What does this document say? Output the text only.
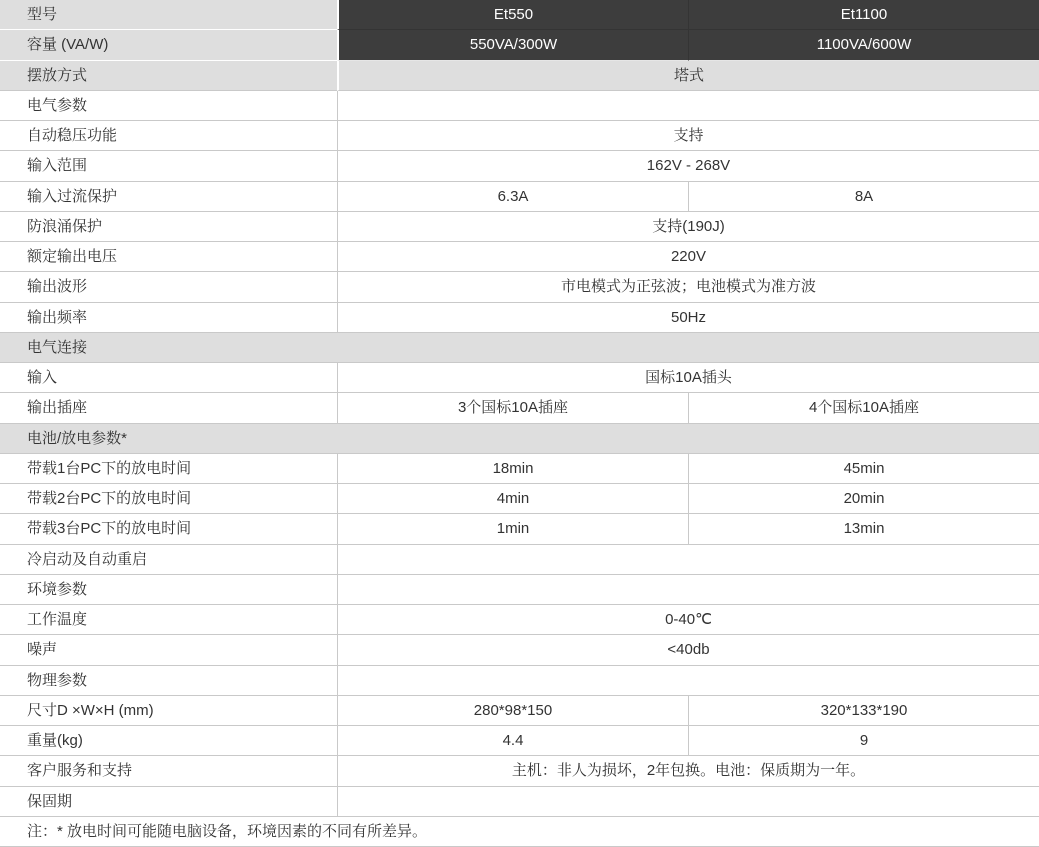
型号	Et550	Et1100
容量 (VA/W)	550VA/300W	1100VA/600W
摆放方式	塔式
电气参数
自动稳压功能	支持
输入范围	162V - 268V
输入过流保护	6.3A	8A
防浪涌保护	支持(190J)
额定输出电压	220V
输出波形	市电模式为正弦波；电池模式为准方波
输出频率	50Hz
电气连接
输入	国标10A插头
输出插座	3个国标10A插座	4个国标10A插座
电池/放电参数*
带载1台PC下的放电时间	18min	45min
带载2台PC下的放电时间	4min	20min
带载3台PC下的放电时间	1min	13min
冷启动及自动重启
环境参数
工作温度	0-40℃
噪声	<40db
物理参数
尺寸D ×W×H (mm)	280*98*150	320*133*190
重量(kg)	4.4	9
客户服务和支持	主机：非人为损坏，2年包换。电池：保质期为一年。
保固期
注：* 放电时间可能随电脑设备，环境因素的不同有所差异。
